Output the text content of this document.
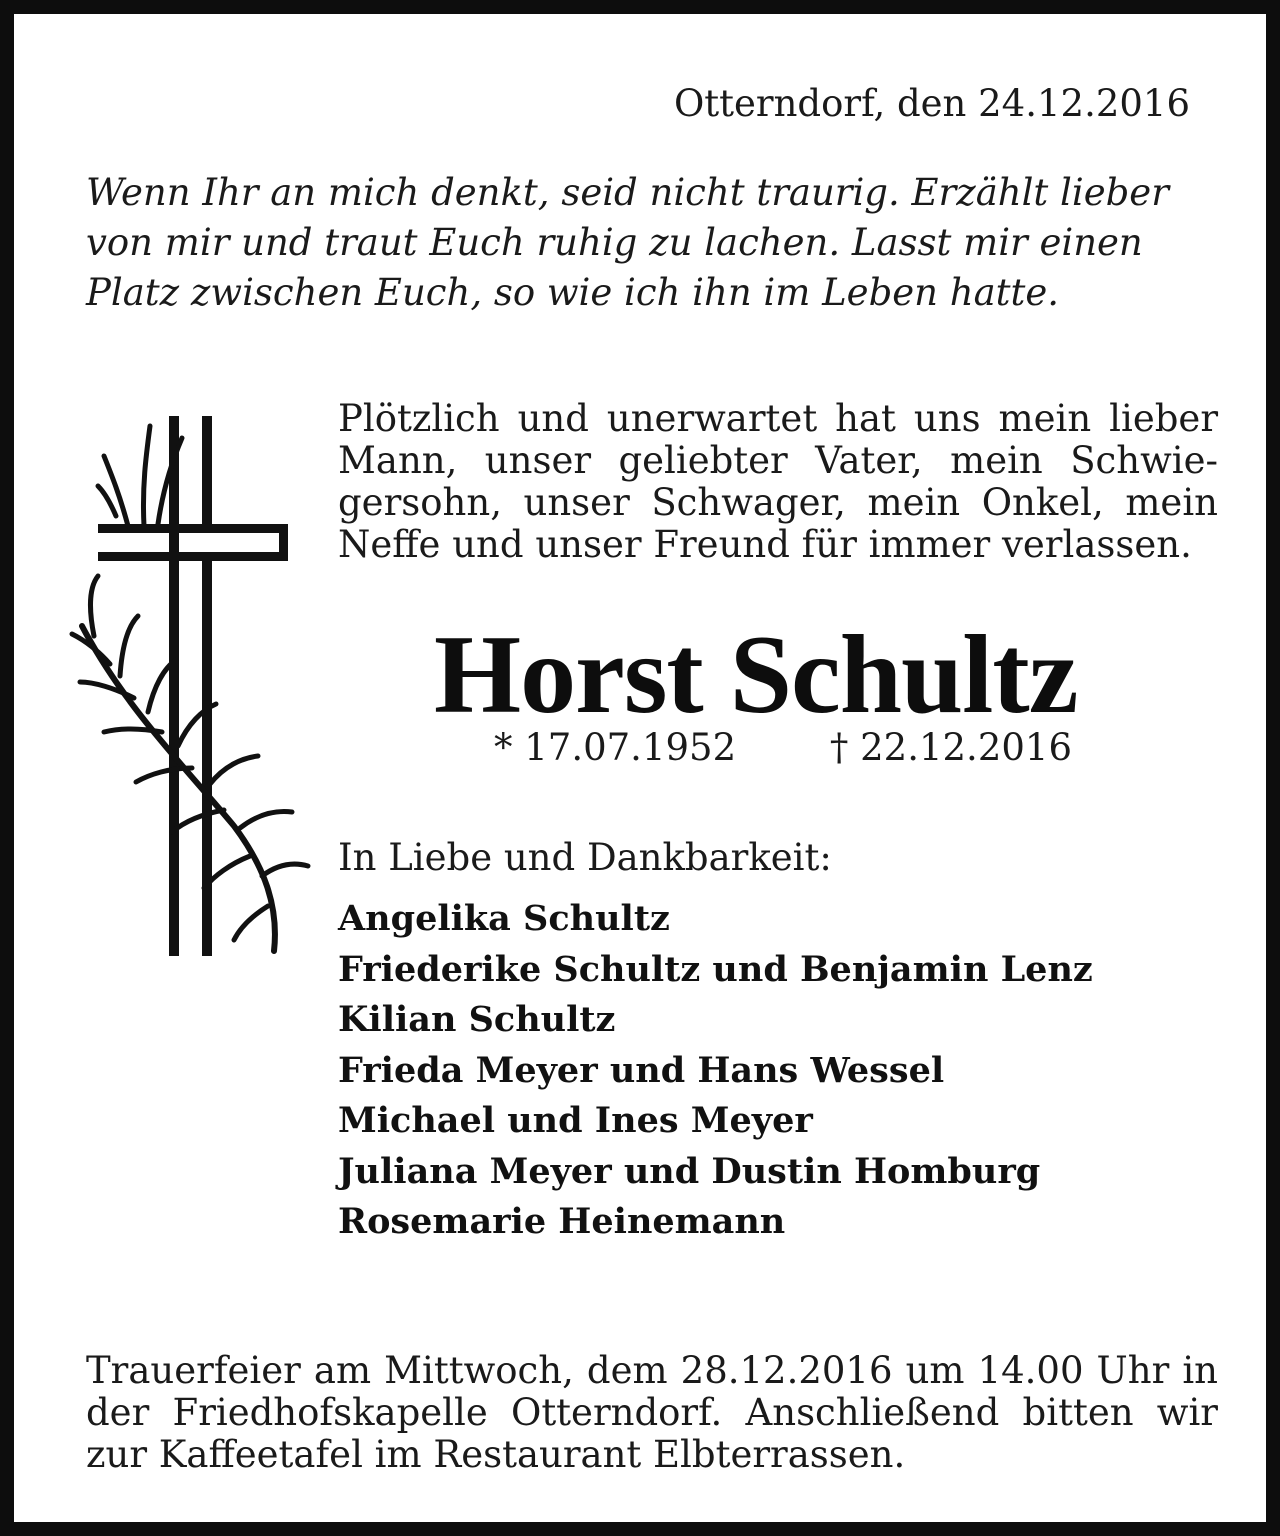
Otterndorf, den 24.12.2016
Wenn Ihr an mich denkt, seid nicht traurig. Erzählt lieber
von mir und traut Euch ruhig zu lachen. Lasst mir einen
Platz zwischen Euch, so wie ich ihn im Leben hatte.
Plötzlich und unerwartet hat uns mein lieber
Mann, unser geliebter Vater, mein Schwie-
gersohn, unser Schwager, mein Onkel, mein
Neffe und unser Freund für immer verlassen.
Horst Schultz
* 17.07.1952	† 22.12.2016
In Liebe und Dankbarkeit:
Angelika Schultz
Friederike Schultz und Benjamin Lenz
Kilian Schultz
Frieda Meyer und Hans Wessel
Michael und Ines Meyer
Juliana Meyer und Dustin Homburg
Rosemarie Heinemann
Trauerfeier am Mittwoch, dem 28.12.2016 um 14.00 Uhr in
der Friedhofskapelle Otterndorf. Anschließend bitten wir
zur Kaffeetafel im Restaurant Elbterrassen.
